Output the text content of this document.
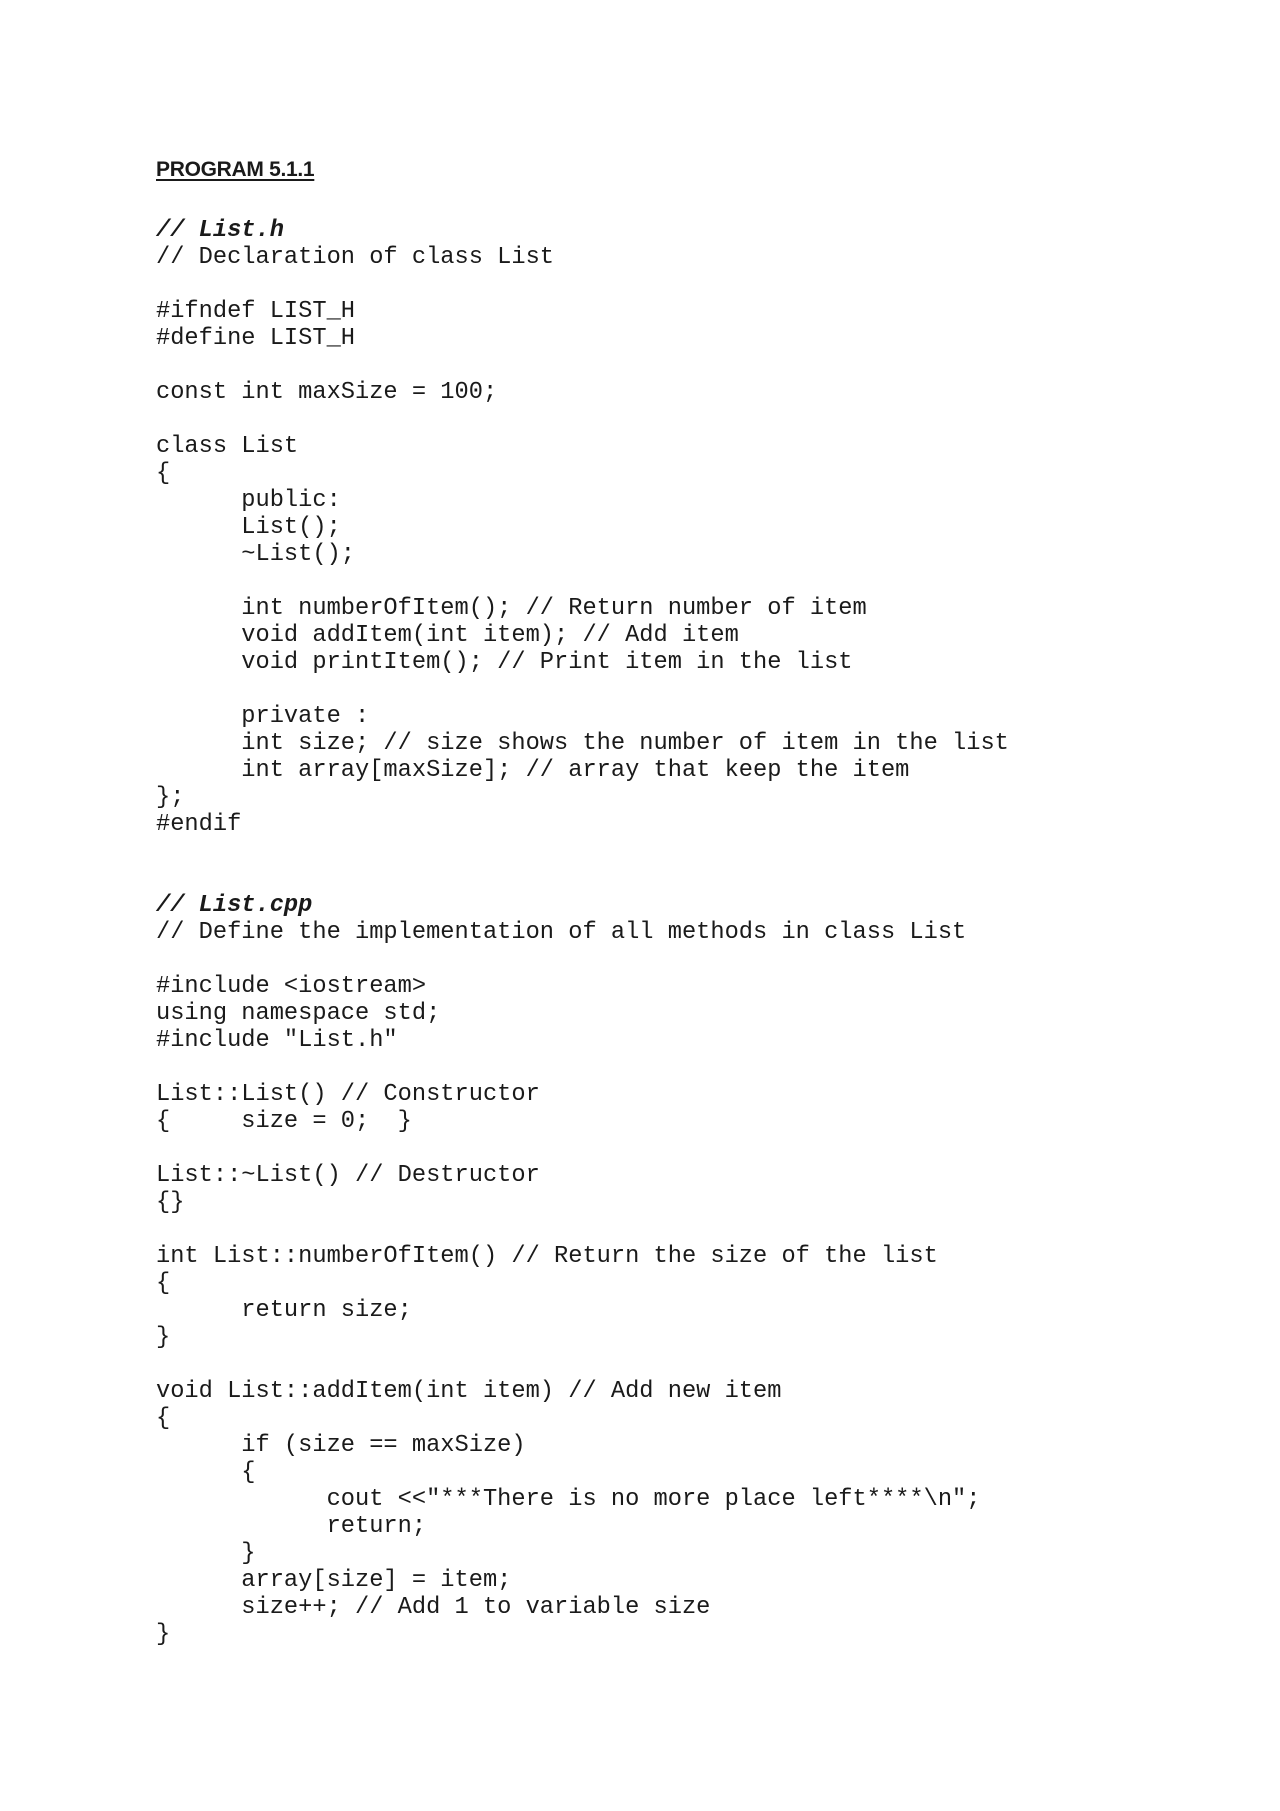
PROGRAM 5.1.1
// List.h
// Declaration of class List
#ifndef LIST_H
#define LIST_H
const int maxSize = 100;
class List
{
public:
List();
~List();
int numberOfItem(); // Return number of item
void addItem(int item); // Add item
void printItem(); // Print item in the list
private :
int size; // size shows the number of item in the list
int array[maxSize]; // array that keep the item
};
#endif
// List.cpp
// Define the implementation of all methods in class List
#include <iostream>
using namespace std;
#include "List.h"
List::List() // Constructor
{     size = 0;  }
List::~List() // Destructor
{}
int List::numberOfItem() // Return the size of the list
{
return size;
}
void List::addItem(int item) // Add new item
{
if (size == maxSize)
{
cout <<"***There is no more place left****\n";
return;
}
array[size] = item;
size++; // Add 1 to variable size
}
